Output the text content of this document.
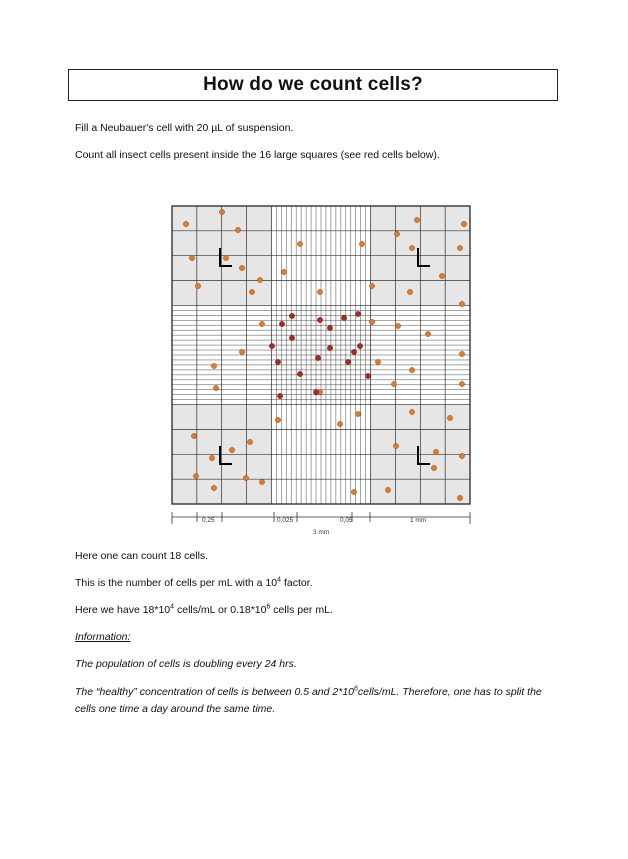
How do we count cells?

Fill a Neubauer's cell with 20 µL of suspension.

Count all insect cells present inside the 16 large squares (see red cells below).

0,25	0,025	0,05	1 mm
3 mm

Here one can count 18 cells.

This is the number of cells per mL with a $10^4$ factor.

Here we have $18*10^4$ cells/mL or $0.18*10^6$ cells per mL.

Information:

The population of cells is doubling every 24 hrs.

The “healthy” concentration of cells is between 0.5 and $2*10^6cells/mL$. Therefore, one has to split the
cells one time a day around the same time.
